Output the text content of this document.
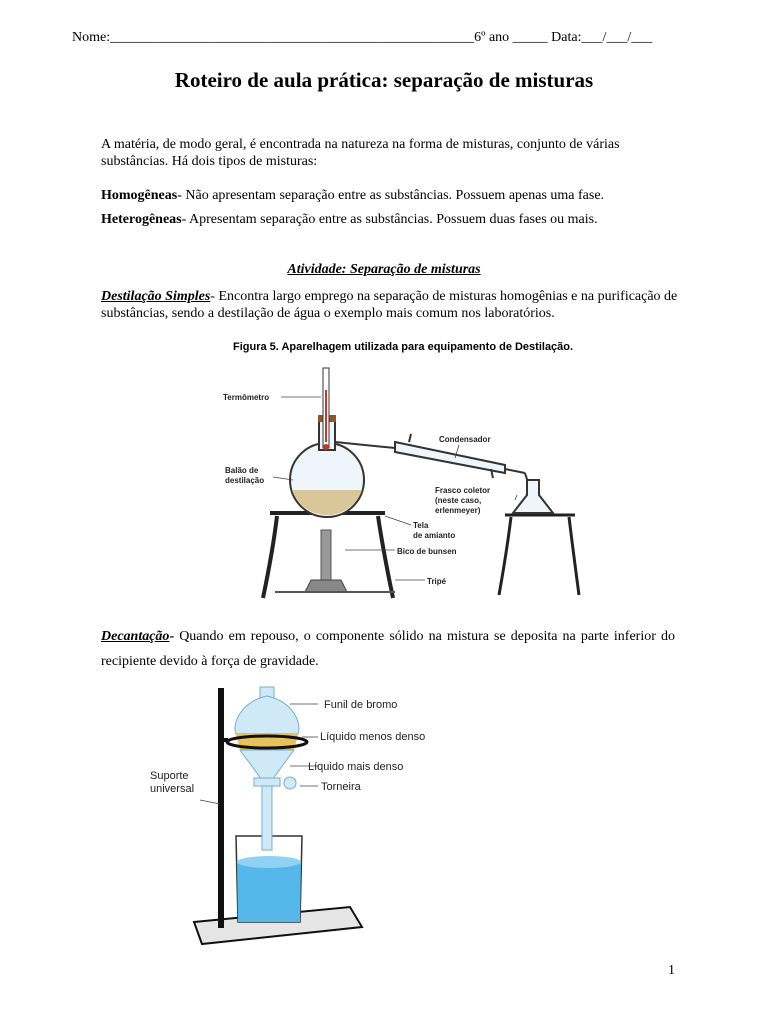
Nome:____________________________________________________6º ano _____ Data:___/___/___
Roteiro de aula prática: separação de misturas
A matéria, de modo geral, é encontrada na natureza na forma de misturas, conjunto de várias substâncias. Há dois tipos de misturas:
Homogêneas- Não apresentam separação entre as substâncias. Possuem apenas uma fase.
Heterogêneas- Apresentam separação entre as substâncias. Possuem duas fases ou mais.
Atividade: Separação de misturas
Destilação Simples- Encontra largo emprego na separação de misturas homogênias e na purificação de substâncias, sendo a destilação de água o exemplo mais comum nos laboratórios.
Figura 5. Aparelhagem utilizada para equipamento de Destilação.
Termômetro
Condensador
Balão de
destilação
Frasco coletor
(neste caso,
erlenmeyer)
Tela
de amianto
Bico de bunsen
Tripé
Decantação- Quando em repouso, o componente sólido na mistura se deposita na parte inferior do recipiente devido à força de gravidade.
Funil de bromo
Líquido menos denso
Líquido mais denso
Torneira
Suporte
universal
1
